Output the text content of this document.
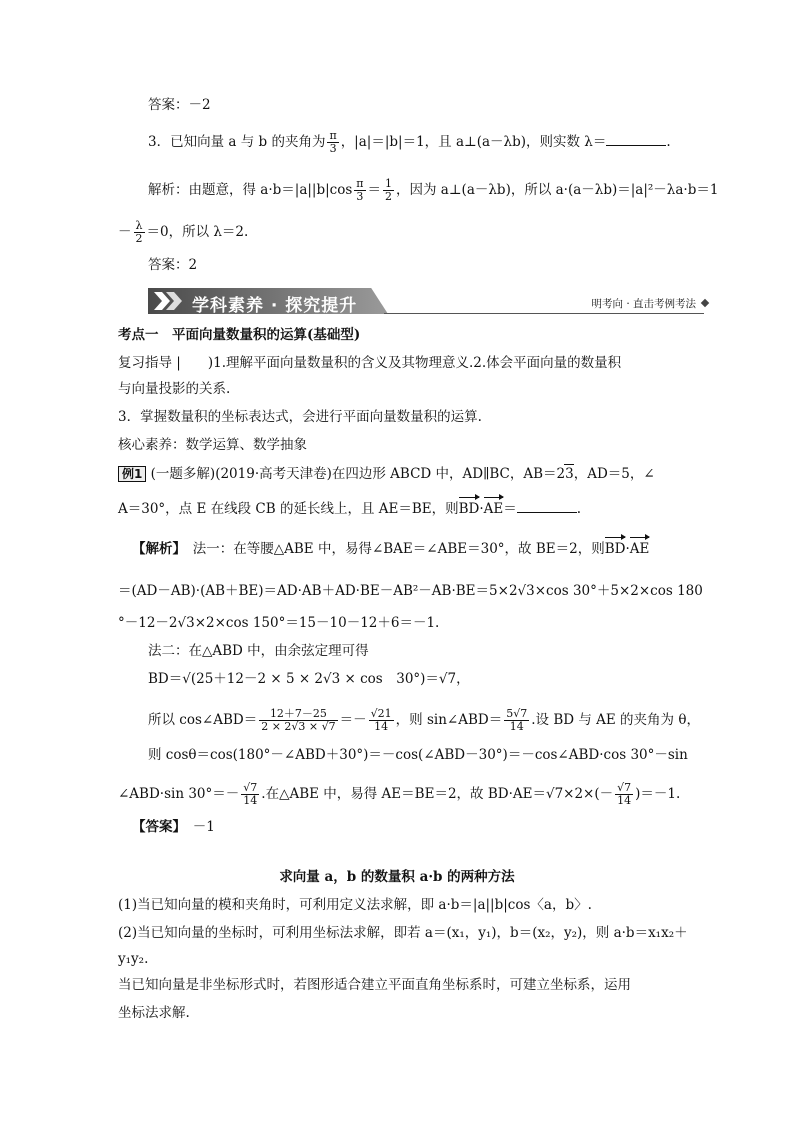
答案：－2
3．已知向量 a 与 b 的夹角为 $\frac{\pi}{3}$ ，|a|＝|b|＝1，且 a⊥(a－λb)，则实数 λ＝	.
解析：由题意，得 $a\cdot b=|a||b|\cos \frac{\pi}{3} = \frac{1}{2}$ ，因为 a⊥(a－λb)，所以 a·(a－λb)＝|a|²－λa·b＝1
－ $\frac{\lambda}{2} =0$，所以 λ＝2.
答案：2
学科素养 · 探究提升	明考向 · 直击考例考法
考点一　平面向量数量积的运算(基础型)
复习指导 |　　 )1.理解平面向量数量积的含义及其物理意义.2.体会平面向量的数量积
与向量投影的关系.
3．掌握数量积的坐标表达式，会进行平面向量数量积的运算.
核心素养：数学运算、数学抽象
例1 (一题多解)(2019·高考天津卷)在四边形 ABCD 中，AD∥BC，AB＝23，AD＝5，∠
A＝30°，点 E 在线段 CB 的延长线上，且 AE＝BE，则BD·AE＝	.
【解析】　 法一：在等腰△ABE 中，易得∠BAE＝∠ABE＝30°，故 BE＝2，则BD·AE
＝(AD－AB)·(AB＋BE)＝AD·AB＋AD·BE－AB²－AB·BE＝5×2√3×cos 30°＋5×2×cos 180
°－12－2√3×2×cos 150°＝15－10－12＋6＝－1.
法二：在△ABD 中，由余弦定理可得
BD＝√(25＋12－2 × 5 × 2√3 × cos　30°)＝√7，
所以 cos∠ABD＝ $\frac{12+7-25}{2 \times 2√3 \times √7} =- \frac{√21}{14}$ ，则 sin∠ABD＝ $\frac{5√7}{14}$ .设 BD 与 AE 的夹角为 θ，
则 cosθ＝cos(180°－∠ABD＋30°)＝－cos(∠ABD－30°)＝－cos∠ABD·cos 30°－sin
∠ABD·sin $30^\circ=- \frac{√7}{14}$ .在△ABE 中，易得 AE＝BE＝2，故 $BD\cdot AE=√7\times 2\times(- \frac{√7}{14} )=-1$.
【答案】　 －1
求向量 a，b 的数量积 a·b 的两种方法
(1)当已知向量的模和夹角时，可利用定义法求解，即 a·b＝|a||b|cos〈a，b〉.
(2)当已知向量的坐标时，可利用坐标法求解，即若 a＝(x₁，y₁)，b＝(x₂，y₂)，则 a·b＝x₁x₂＋
y₁y₂.
当已知向量是非坐标形式时，若图形适合建立平面直角坐标系时，可建立坐标系，运用
坐标法求解.
